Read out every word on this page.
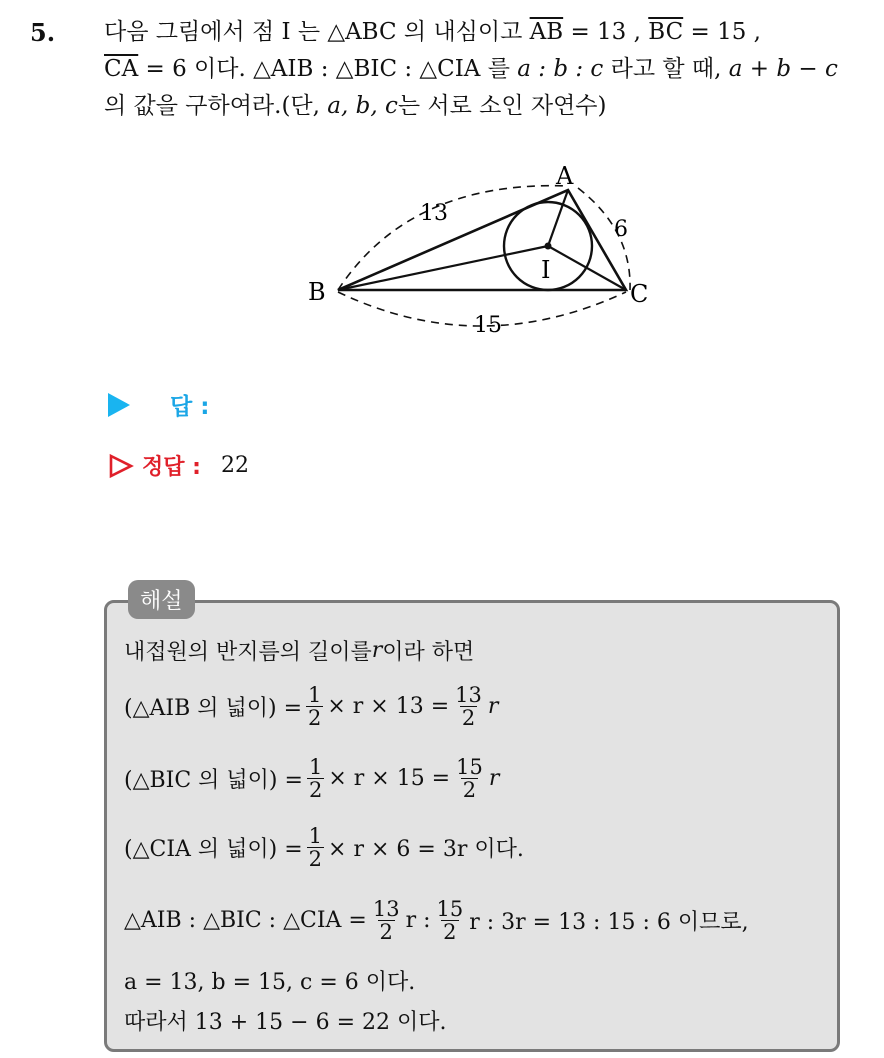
5. 다음 그림에서 점 I 는 △ABC 의 내심이고 $\overline{AB} = 13$ , $\overline{BC} = 15$ ,
$\overline{CA} = 6$ 이다. △AIB : △BIC : △CIA 를 a : b : c 라고 할 때, a + b − c
의 값을 구하여라.(단, a, b, c는 서로 소인 자연수)
A
B	C
I
13
6
15
답 :
정답 : 22
해설
내접원의 반지름의 길이를 r 이라 하면
(△AIB 의 넓이) = $\frac{1}{2} \times r \times 13 = \frac{13}{2}$ r
(△BIC 의 넓이) = $\frac{1}{2} \times r \times 15 = \frac{15}{2}$ r
(△CIA 의 넓이) = $\frac{1}{2} \times r \times 6 = 3r$ 이다.
△AIB : △BIC : △CIA = $\frac{13}{2}$ r : $\frac{15}{2}$ r : 3r = 13 : 15 : 6 이므로,
a = 13, b = 15, c = 6 이다.
따라서 13 + 15 − 6 = 22 이다.
